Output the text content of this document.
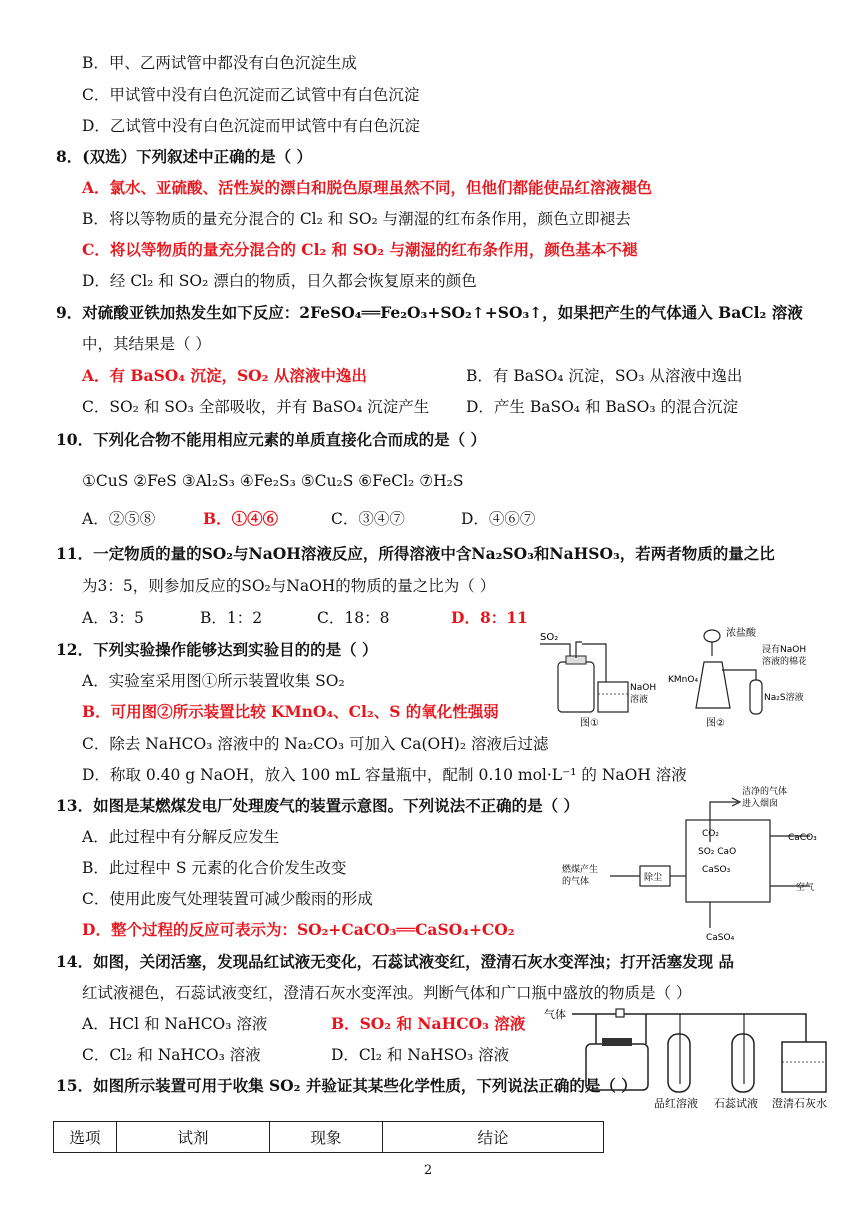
B．甲、乙两试管中都没有白色沉淀生成
C．甲试管中没有白色沉淀而乙试管中有白色沉淀
D．乙试管中没有白色沉淀而甲试管中有白色沉淀
8．(双选）下列叙述中正确的是（ ）
A．氯水、亚硫酸、活性炭的漂白和脱色原理虽然不同，但他们都能使品红溶液褪色
B．将以等物质的量充分混合的 Cl₂ 和 SO₂ 与潮湿的红布条作用，颜色立即褪去
C．将以等物质的量充分混合的 Cl₂ 和 SO₂ 与潮湿的红布条作用，颜色基本不褪
D．经 Cl₂ 和 SO₂ 漂白的物质，日久都会恢复原来的颜色
9．对硫酸亚铁加热发生如下反应：2FeSO₄══Fe₂O₃+SO₂↑+SO₃↑，如果把产生的气体通入 BaCl₂ 溶液
中，其结果是（ ）
A．有 BaSO₄ 沉淀，SO₂ 从溶液中逸出	B．有 BaSO₄ 沉淀，SO₃ 从溶液中逸出
C．SO₂ 和 SO₃ 全部吸收，并有 BaSO₄ 沉淀产生 D．产生 BaSO₄ 和 BaSO₃ 的混合沉淀
10．下列化合物不能用相应元素的单质直接化合而成的是（ ）
①CuS ②FeS ③Al₂S₃ ④Fe₂S₃ ⑤Cu₂S ⑥FeCl₂ ⑦H₂S
A．②⑤⑧	B．①④⑥	C．③④⑦	D．④⑥⑦
11．一定物质的量的SO₂与NaOH溶液反应，所得溶液中含Na₂SO₃和NaHSO₃，若两者物质的量之比
为3：5，则参加反应的SO₂与NaOH的物质的量之比为（ ）
A．3：5	B．1：2	C．18：8	D．8：11
12．下列实验操作能够达到实验目的的是（ ）
A．实验室采用图①所示装置收集 SO₂
B．可用图②所示装置比较 KMnO₄、Cl₂、S 的氧化性强弱
C．除去 NaHCO₃ 溶液中的 Na₂CO₃ 可加入 Ca(OH)₂ 溶液后过滤
D．称取 0.40 g NaOH，放入 100 mL 容量瓶中，配制 0.10 mol·L⁻¹ 的 NaOH 溶液
13．如图是某燃煤发电厂处理废气的装置示意图。下列说法不正确的是（ ）
A．此过程中有分解反应发生
B．此过程中 S 元素的化合价发生改变
C．使用此废气处理装置可减少酸雨的形成
D．整个过程的反应可表示为：SO₂+CaCO₃══CaSO₄+CO₂
14．如图，关闭活塞，发现品红试液无变化，石蕊试液变红，澄清石灰水变浑浊；打开活塞发现 品
红试液褪色，石蕊试液变红，澄清石灰水变浑浊。判断气体和广口瓶中盛放的物质是（ ）
A．HCl 和 NaHCO₃ 溶液	B．SO₂ 和 NaHCO₃ 溶液
C．Cl₂ 和 NaHCO₃ 溶液	D．Cl₂ 和 NaHSO₃ 溶液
15．如图所示装置可用于收集 SO₂ 并验证其某些化学性质，下列说法正确的是（ ）
SO₂
NaOH
溶液
图①
浓盐酸
浸有NaOH
溶液的棉花
KMnO₄
Na₂S溶液
图②
洁净的气体
进入烟囱
CO₂
SO₂ CaO
CaSO₃
CaCO₃
空气
燃煤产生
的气体	除尘
CaSO₄
气体
品红溶液 石蕊试液 澄清石灰水
选项	试剂	现象	结论
2
